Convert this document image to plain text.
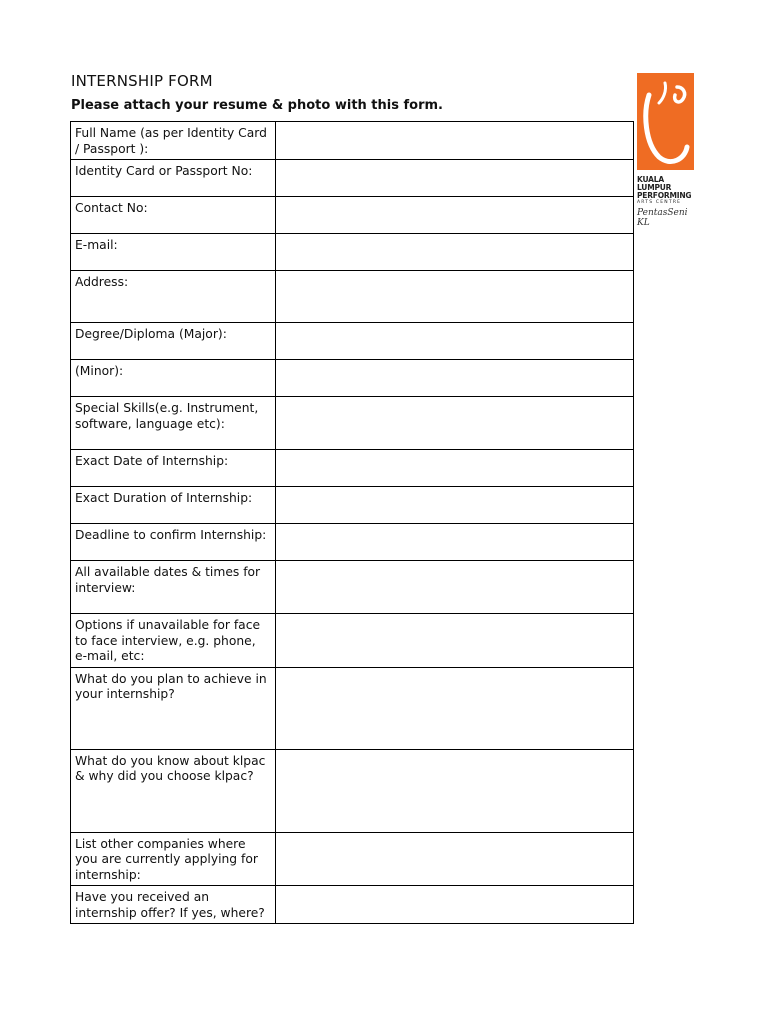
INTERNSHIP FORM
Please attach your resume & photo with this form.
KUALA LUMPUR
PERFORMING
ARTS CENTRE
PentasSeni KL
Full Name (as per Identity Card / Passport ):	
Identity Card or Passport No:	
Contact No:	
E-mail:	
Address:	
Degree/Diploma (Major):	
(Minor):	
Special Skills(e.g. Instrument, software, language etc):	
Exact Date of Internship:	
Exact Duration of Internship:	
Deadline to confirm Internship:	
All available dates & times for interview:	
Options if unavailable for face to face interview, e.g. phone, e-mail, etc:	
What do you plan to achieve in your internship?	
What do you know about klpac & why did you choose klpac?	
List other companies where you are currently applying for internship:	
Have you received an internship offer? If yes, where?	
